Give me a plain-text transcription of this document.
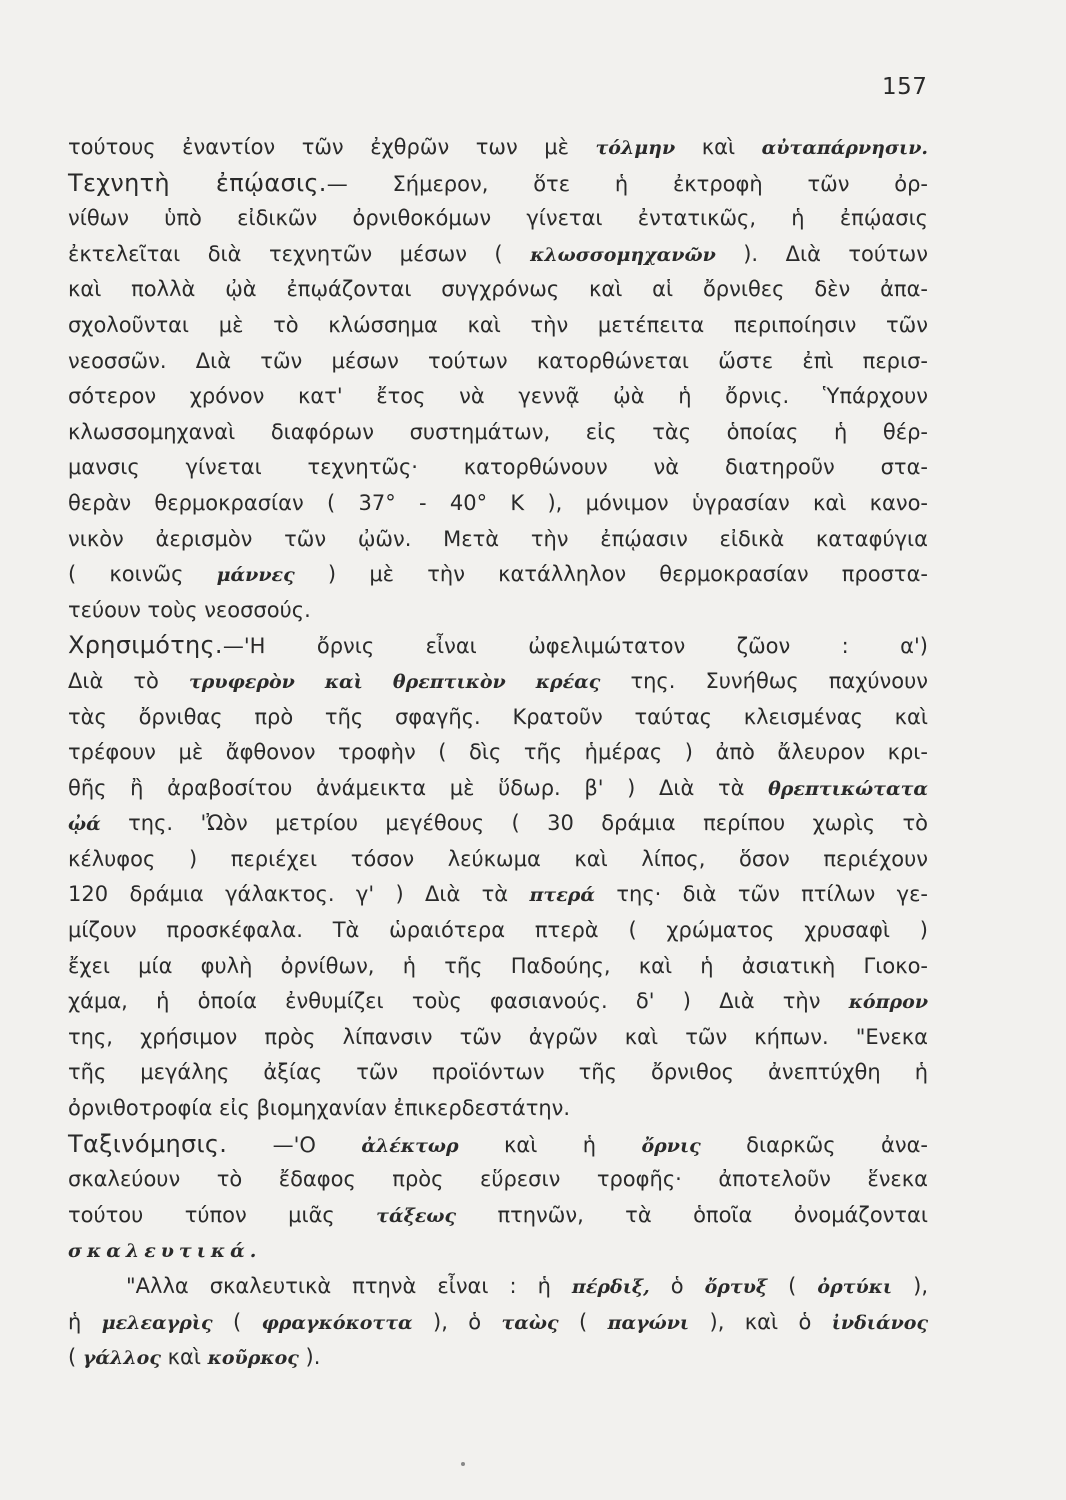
157
τούτους ἐναντίον τῶν ἐχθρῶν των μὲ τόλμην καὶ αὐταπάρνησιν.
Τεχνητὴ ἐπῴασις.— Σήμερον, ὅτε ἡ ἐκτροφὴ τῶν ὀρ-
νίθων ὑπὸ εἰδικῶν ὀρνιθοκόμων γίνεται ἐντατικῶς, ἡ ἐπῴασις
ἐκτελεῖται διὰ τεχνητῶν μέσων ( κλωσσομηχανῶν ). Διὰ τούτων
καὶ πολλὰ ᾠὰ ἐπῳάζονται συγχρόνως καὶ αἱ ὄρνιθες δὲν ἀπα-
σχολοῦνται μὲ τὸ κλώσσημα καὶ τὴν μετέπειτα περιποίησιν τῶν
νεοσσῶν. Διὰ τῶν μέσων τούτων κατορθώνεται ὥστε ἐπὶ περισ-
σότερον χρόνον κατ' ἔτος νὰ γεννᾷ ᾠὰ ἡ ὄρνις. Ὑπάρχουν
κλωσσομηχαναὶ διαφόρων συστημάτων, εἰς τὰς ὁποίας ἡ θέρ-
μανσις γίνεται τεχνητῶς· κατορθώνουν νὰ διατηροῦν στα-
θερὰν θερμοκρασίαν ( 37° - 40° Κ ), μόνιμον ὑγρασίαν καὶ κανο-
νικὸν ἀερισμὸν τῶν ᾠῶν. Μετὰ τὴν ἐπῴασιν εἰδικὰ καταφύγια
( κοινῶς μάννες ) μὲ τὴν κατάλληλον θερμοκρασίαν προστα-
τεύουν τοὺς νεοσσούς.
Χρησιμότης.—'Η ὄρνις εἶναι ὠφελιμώτατον ζῶον : α')
Διὰ τὸ τρυφερὸν καὶ θρεπτικὸν κρέας της. Συνήθως παχύνουν
τὰς ὄρνιθας πρὸ τῆς σφαγῆς. Κρατοῦν ταύτας κλεισμένας καὶ
τρέφουν μὲ ἄφθονον τροφὴν ( δὶς τῆς ἡμέρας ) ἀπὸ ἄλευρον κρι-
θῆς ἢ ἀραβοσίτου ἀνάμεικτα μὲ ὕδωρ. β' ) Διὰ τὰ θρεπτικώτατα
ᾠά της. 'Ὠὸν μετρίου μεγέθους ( 30 δράμια περίπου χωρὶς τὸ
κέλυφος ) περιέχει τόσον λεύκωμα καὶ λίπος, ὅσον περιέχουν
120 δράμια γάλακτος. γ' ) Διὰ τὰ πτερά της· διὰ τῶν πτίλων γε-
μίζουν προσκέφαλα. Τὰ ὡραιότερα πτερὰ ( χρώματος χρυσαφὶ )
ἔχει μία φυλὴ ὀρνίθων, ἡ τῆς Παδούης, καὶ ἡ ἀσιατικὴ Γιοκο-
χάμα, ἡ ὁποία ἐνθυμίζει τοὺς φασιανούς. δ' ) Διὰ τὴν κόπρον
της, χρήσιμον πρὸς λίπανσιν τῶν ἀγρῶν καὶ τῶν κήπων. "Ενεκα
τῆς μεγάλης ἀξίας τῶν προϊόντων τῆς ὄρνιθος ἀνεπτύχθη ἡ
ὀρνιθοτροφία εἰς βιομηχανίαν ἐπικερδεστάτην.
Ταξινόμησις. —'Ο ἀλέκτωρ καὶ ἡ ὄρνις διαρκῶς ἀνα-
σκαλεύουν τὸ ἔδαφος πρὸς εὕρεσιν τροφῆς· ἀποτελοῦν ἕνεκα
τούτου τύπον μιᾶς τάξεως πτηνῶν, τὰ ὁποῖα ὀνομάζονται
σκαλευτικά.
"Αλλα σκαλευτικὰ πτηνὰ εἶναι : ἡ πέρδιξ, ὁ ὄρτυξ ( ὀρτύκι ),
ἡ μελεαγρὶς ( φραγκόκοττα ), ὁ ταὼς ( παγώνι ), καὶ ὁ ἰνδιάνος
( γάλλος καὶ κοῦρκος ).
